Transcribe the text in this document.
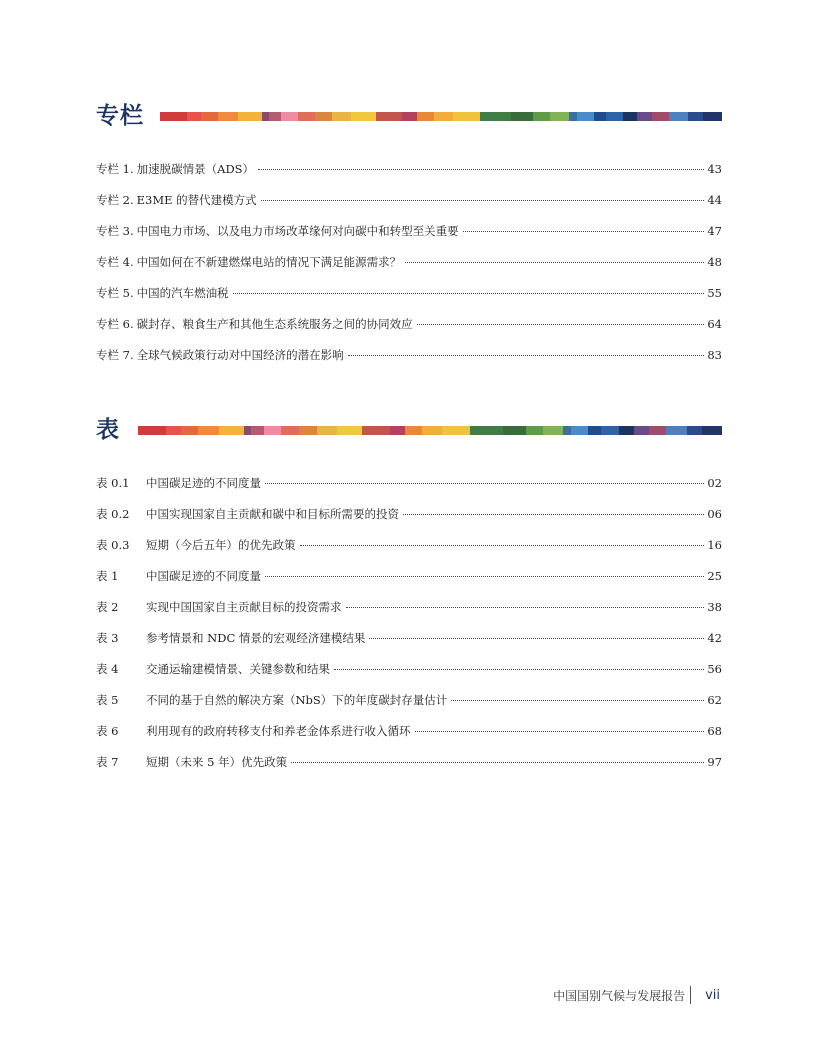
专栏
专栏 1. 加速脱碳情景（ADS）	43
专栏 2. E3ME 的替代建模方式	44
专栏 3. 中国电力市场、以及电力市场改革缘何对向碳中和转型至关重要	47
专栏 4. 中国如何在不新建燃煤电站的情况下满足能源需求？	48
专栏 5. 中国的汽车燃油税	55
专栏 6. 碳封存、粮食生产和其他生态系统服务之间的协同效应	64
专栏 7. 全球气候政策行动对中国经济的潜在影响	83
表
表 0.1	中国碳足迹的不同度量	02
表 0.2	中国实现国家自主贡献和碳中和目标所需要的投资	06
表 0.3	短期（今后五年）的优先政策	16
表 1	中国碳足迹的不同度量	25
表 2	实现中国国家自主贡献目标的投资需求	38
表 3	参考情景和 NDC 情景的宏观经济建模结果	42
表 4	交通运输建模情景、关键参数和结果	56
表 5	不同的基于自然的解决方案（NbS）下的年度碳封存量估计	62
表 6	利用现有的政府转移支付和养老金体系进行收入循环	68
表 7	短期（未来 5 年）优先政策	97
中国国别气候与发展报告 vii
